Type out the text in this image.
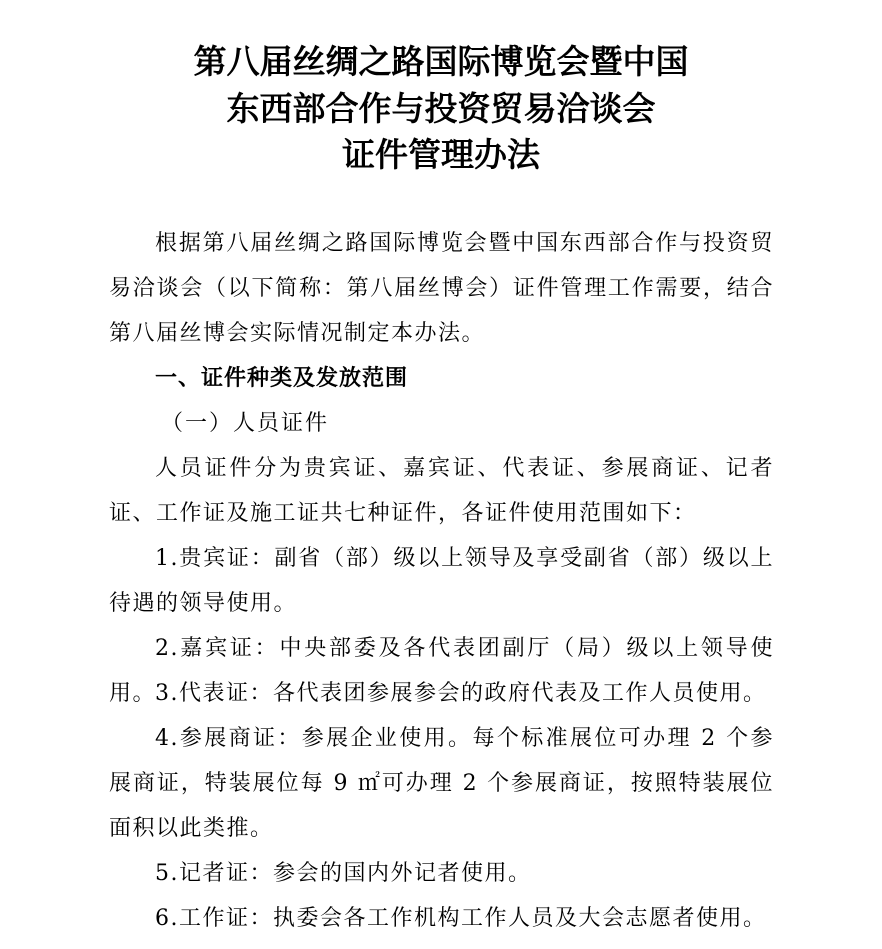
第八届丝绸之路国际博览会暨中国
东西部合作与投资贸易洽谈会
证件管理办法
根据第八届丝绸之路国际博览会暨中国东西部合作与投资贸易洽谈会（以下简称：第八届丝博会）证件管理工作需要，结合第八届丝博会实际情况制定本办法。
一、证件种类及发放范围
（一）人员证件
人员证件分为贵宾证、嘉宾证、代表证、参展商证、记者证、工作证及施工证共七种证件，各证件使用范围如下：
1.贵宾证：副省（部）级以上领导及享受副省（部）级以上待遇的领导使用。
2.嘉宾证：中央部委及各代表团副厅（局）级以上领导使用。
3.代表证：各代表团参展参会的政府代表及工作人员使用。
4.参展商证：参展企业使用。每个标准展位可办理 2 个参展商证，特装展位每 9 ㎡可办理 2 个参展商证，按照特装展位面积以此类推。
5.记者证：参会的国内外记者使用。
6.工作证：执委会各工作机构工作人员及大会志愿者使用。
